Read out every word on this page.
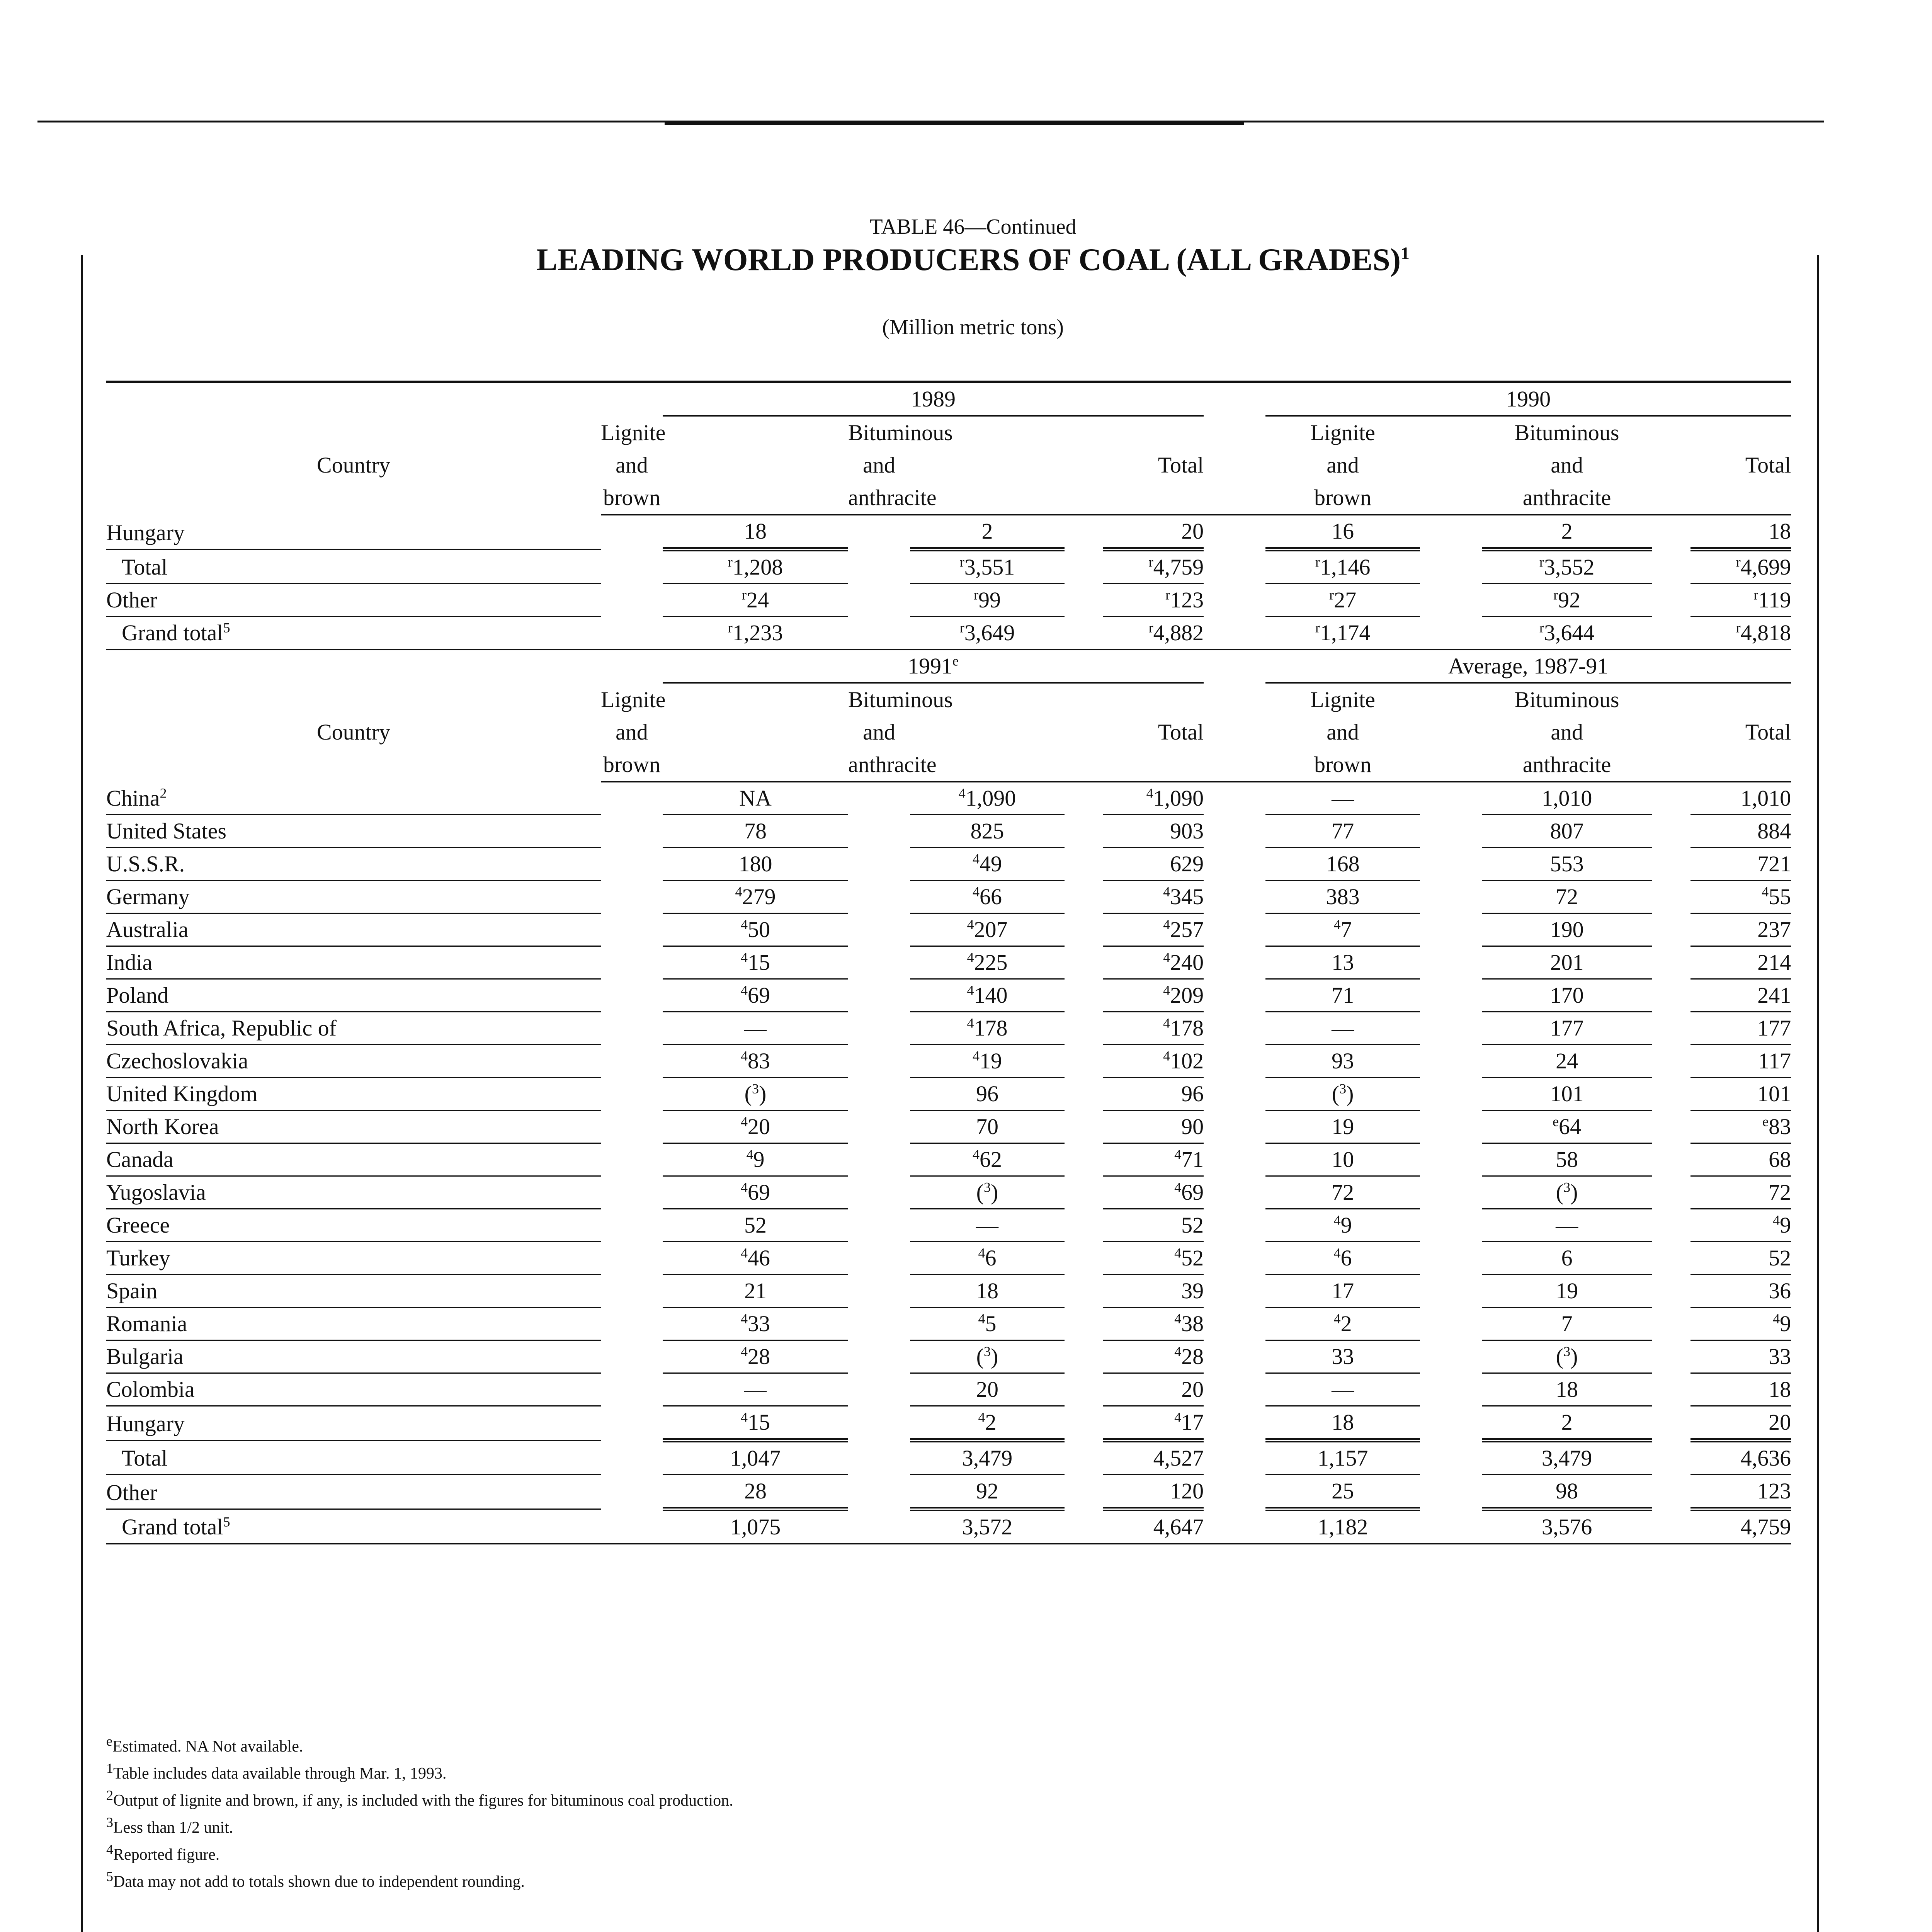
TABLE 46—Continued
LEADING WORLD PRODUCERS OF COAL (ALL GRADES)$^1$
(Million metric tons)
		1989						1990				
Country	Lignite		Bituminous					Lignite		Bituminous		
	and		and			Total		and		and		Total
	brown		anthracite					brown		anthracite		
Hungary		18		2		20		16		2		18
Total		$^r$1,208		$^r$3,551		$^r$4,759		$^r$1,146		$^r$3,552		$^r$4,699
Other		$^r$24		$^r$99		$^r$123		$^r$27		$^r$92		$^r$119
Grand total$^5$		$^r$1,233		$^r$3,649		$^r$4,882		$^r$1,174		$^r$3,644		$^r$4,818
		1991e						Average, 1987-91				
Country	Lignite		Bituminous					Lignite		Bituminous		
	and		and			Total		and		and		Total
	brown		anthracite					brown		anthracite		
China$^2$		NA		$^4$1,090		$^4$1,090		—		1,010		1,010
United States		78		825		903		77		807		884
U.S.S.R.		180		$^4$49		629		168		553		721
Germany		$^4$279		$^4$66		$^4$345		383		72		$^4$55
Australia		$^4$50		$^4$207		$^4$257		$^4$7		190		237
India		$^4$15		$^4$225		$^4$240		13		201		214
Poland		$^4$69		$^4$140		$^4$209		71		170		241
South Africa, Republic of		—		$^4$178		$^4$178		—		177		177
Czechoslovakia		$^4$83		$^4$19		$^4$102		93		24		117
United Kingdom		($^3$)		96		96		($^3$)		101		101
North Korea		$^4$20		70		90		19		$^e$64		$^e$83
Canada		$^4$9		$^4$62		$^4$71		10		58		68
Yugoslavia		$^4$69		($^3$)		$^4$69		72		($^3$)		72
Greece		52		—		52		$^4$9		—		$^4$9
Turkey		$^4$46		$^4$6		$^4$52		$^4$6		6		52
Spain		21		18		39		17		19		36
Romania		$^4$33		$^4$5		$^4$38		$^4$2		7		$^4$9
Bulgaria		$^4$28		($^3$)		$^4$28		33		($^3$)		33
Colombia		—		20		20		—		18		18
Hungary		$^4$15		$^4$2		$^4$17		18		2		20
Total		1,047		3,479		4,527		1,157		3,479		4,636
Other		28		92		120		25		98		123
Grand total$^5$		1,075		3,572		4,647		1,182		3,576		4,759
$^e$Estimated. NA Not available.
$^1$Table includes data available through Mar. 1, 1993.
$^2$Output of lignite and brown, if any, is included with the figures for bituminous coal production.
$^3$Less than 1/2 unit.
$^4$Reported figure.
$^5$Data may not add to totals shown due to independent rounding.
